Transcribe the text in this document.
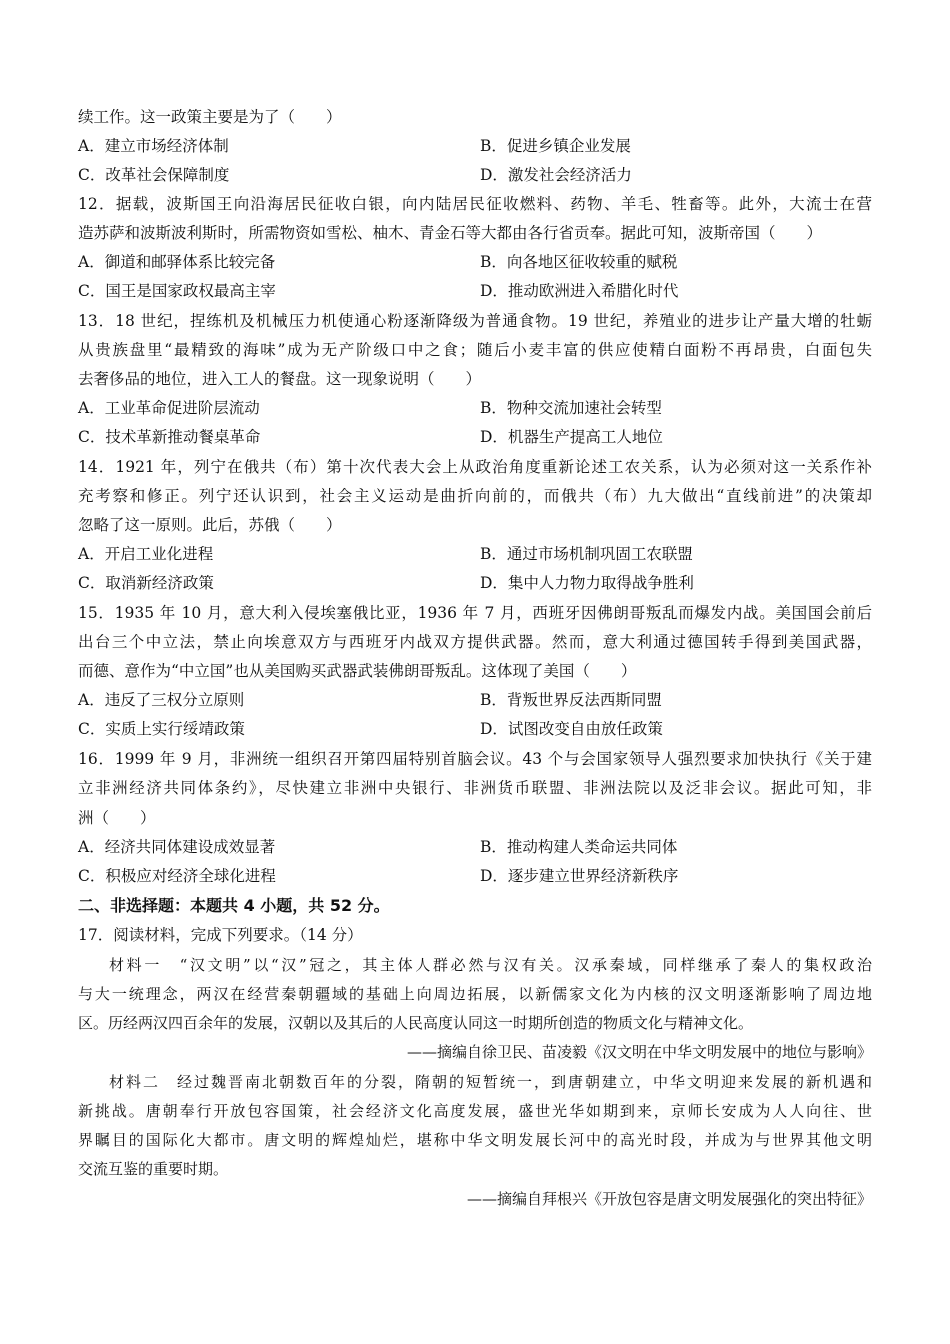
续工作。这一政策主要是为了（　　）
A．建立市场经济体制	B．促进乡镇企业发展
C．改革社会保障制度	D．激发社会经济活力
12．据载，波斯国王向沿海居民征收白银，向内陆居民征收燃料、药物、羊毛、牲畜等。此外，大流士在营
造苏萨和波斯波利斯时，所需物资如雪松、柚木、青金石等大都由各行省贡奉。据此可知，波斯帝国（　　）
A．御道和邮驿体系比较完备	B．向各地区征收较重的赋税
C．国王是国家政权最高主宰	D．推动欧洲进入希腊化时代
13．18 世纪，捏练机及机械压力机使通心粉逐渐降级为普通食物。19 世纪，养殖业的进步让产量大增的牡蛎
从贵族盘里“最精致的海味”成为无产阶级口中之食；随后小麦丰富的供应使精白面粉不再昂贵，白面包失
去奢侈品的地位，进入工人的餐盘。这一现象说明（　　）
A．工业革命促进阶层流动	B．物种交流加速社会转型
C．技术革新推动餐桌革命	D．机器生产提高工人地位
14．1921 年，列宁在俄共（布）第十次代表大会上从政治角度重新论述工农关系，认为必须对这一关系作补
充考察和修正。列宁还认识到，社会主义运动是曲折向前的，而俄共（布）九大做出“直线前进”的决策却
忽略了这一原则。此后，苏俄（　　）
A．开启工业化进程	B．通过市场机制巩固工农联盟
C．取消新经济政策	D．集中人力物力取得战争胜利
15．1935 年 10 月，意大利入侵埃塞俄比亚，1936 年 7 月，西班牙因佛朗哥叛乱而爆发内战。美国国会前后
出台三个中立法，禁止向埃意双方与西班牙内战双方提供武器。然而，意大利通过德国转手得到美国武器，
而德、意作为“中立国”也从美国购买武器武装佛朗哥叛乱。这体现了美国（　　）
A．违反了三权分立原则	B．背叛世界反法西斯同盟
C．实质上实行绥靖政策	D．试图改变自由放任政策
16．1999 年 9 月，非洲统一组织召开第四届特别首脑会议。43 个与会国家领导人强烈要求加快执行《关于建
立非洲经济共同体条约》，尽快建立非洲中央银行、非洲货币联盟、非洲法院以及泛非会议。据此可知，非
洲（　　）
A．经济共同体建设成效显著	B．推动构建人类命运共同体
C．积极应对经济全球化进程	D．逐步建立世界经济新秩序
二、非选择题：本题共 4 小题，共 52 分。
17．阅读材料，完成下列要求。（14 分）
材料一　“汉文明”以“汉”冠之，其主体人群必然与汉有关。汉承秦域，同样继承了秦人的集权政治
与大一统理念，两汉在经营秦朝疆域的基础上向周边拓展，以新儒家文化为内核的汉文明逐渐影响了周边地
区。历经两汉四百余年的发展，汉朝以及其后的人民高度认同这一时期所创造的物质文化与精神文化。
——摘编自徐卫民、苗凌毅《汉文明在中华文明发展中的地位与影响》
材料二　经过魏晋南北朝数百年的分裂，隋朝的短暂统一，到唐朝建立，中华文明迎来发展的新机遇和
新挑战。唐朝奉行开放包容国策，社会经济文化高度发展，盛世光华如期到来，京师长安成为人人向往、世
界瞩目的国际化大都市。唐文明的辉煌灿烂，堪称中华文明发展长河中的高光时段，并成为与世界其他文明
交流互鉴的重要时期。
——摘编自拜根兴《开放包容是唐文明发展强化的突出特征》
